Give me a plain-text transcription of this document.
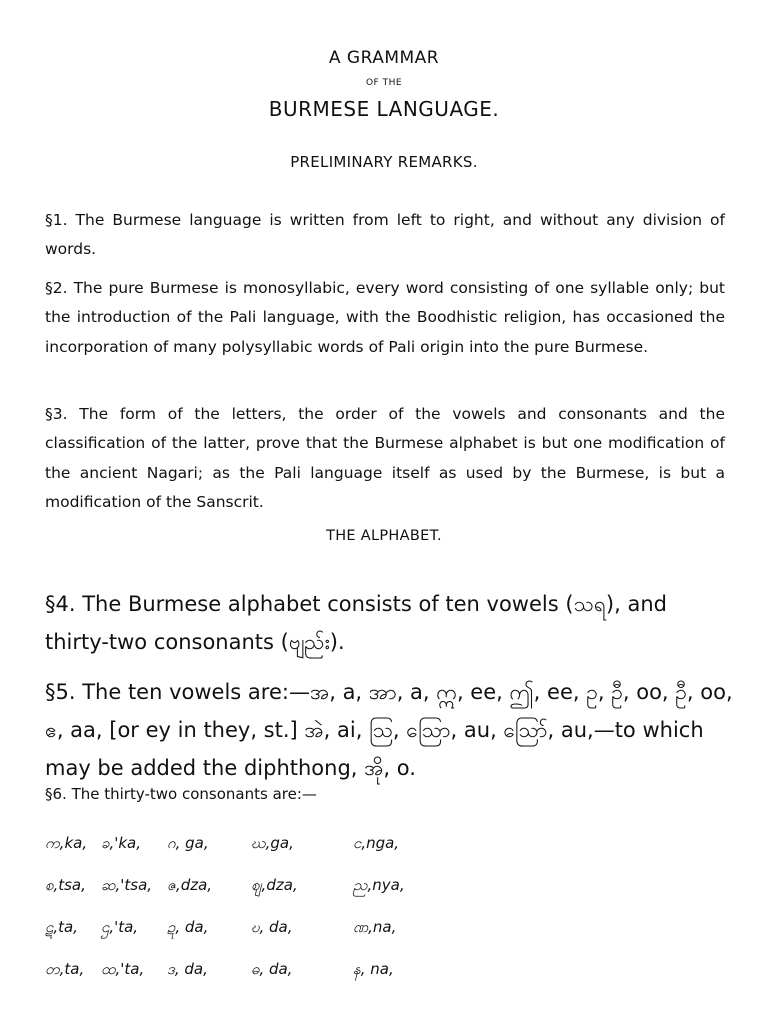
A GRAMMAR
OF THE
BURMESE LANGUAGE.
PRELIMINARY REMARKS.

§1. The Burmese language is written from left to right, and without any division of words.

§2. The pure Burmese is monosyllabic, every word consisting of one syllable only; but the introduction of the Pali language, with the Boodhistic religion, has occasioned the incorporation of many polysyllabic words of Pali origin into the pure Burmese.

§3. The form of the letters, the order of the vowels and consonants and the classification of the latter, prove that the Burmese alphabet is but one modification of the ancient Nagari; as the Pali language itself as used by the Burmese, is but a modification of the Sanscrit.

THE ALPHABET.

§4. The Burmese alphabet consists of ten vowels (သရ), and thirty-two consonants (ဗျည်း).

§5. The ten vowels are:—အ, a, အာ, a, ဣ, ee, ဤ, ee, ဥ, ဦ, oo, ဦ, oo, ဧ, aa, [or ey in they, st.] အဲ, ai, ဩ, ဩော, au, ဪ, au,—to which may be added the diphthong, အို, o.

§6. The thirty-two consonants are:—
က,ka,	ခ,'ka,	ဂ, ga,	ဃ,ga,	င,nga,
စ,tsa,	ဆ,'tsa,	ဇ,dza,	ဈ,dza,	ည,nya,
ဋ,ta,	ဌ,'ta,	ဍ, da,	ဎ, da,	ဏ,na,
တ,ta,	ထ,'ta,	ဒ, da,	ဓ, da,	န, na,
